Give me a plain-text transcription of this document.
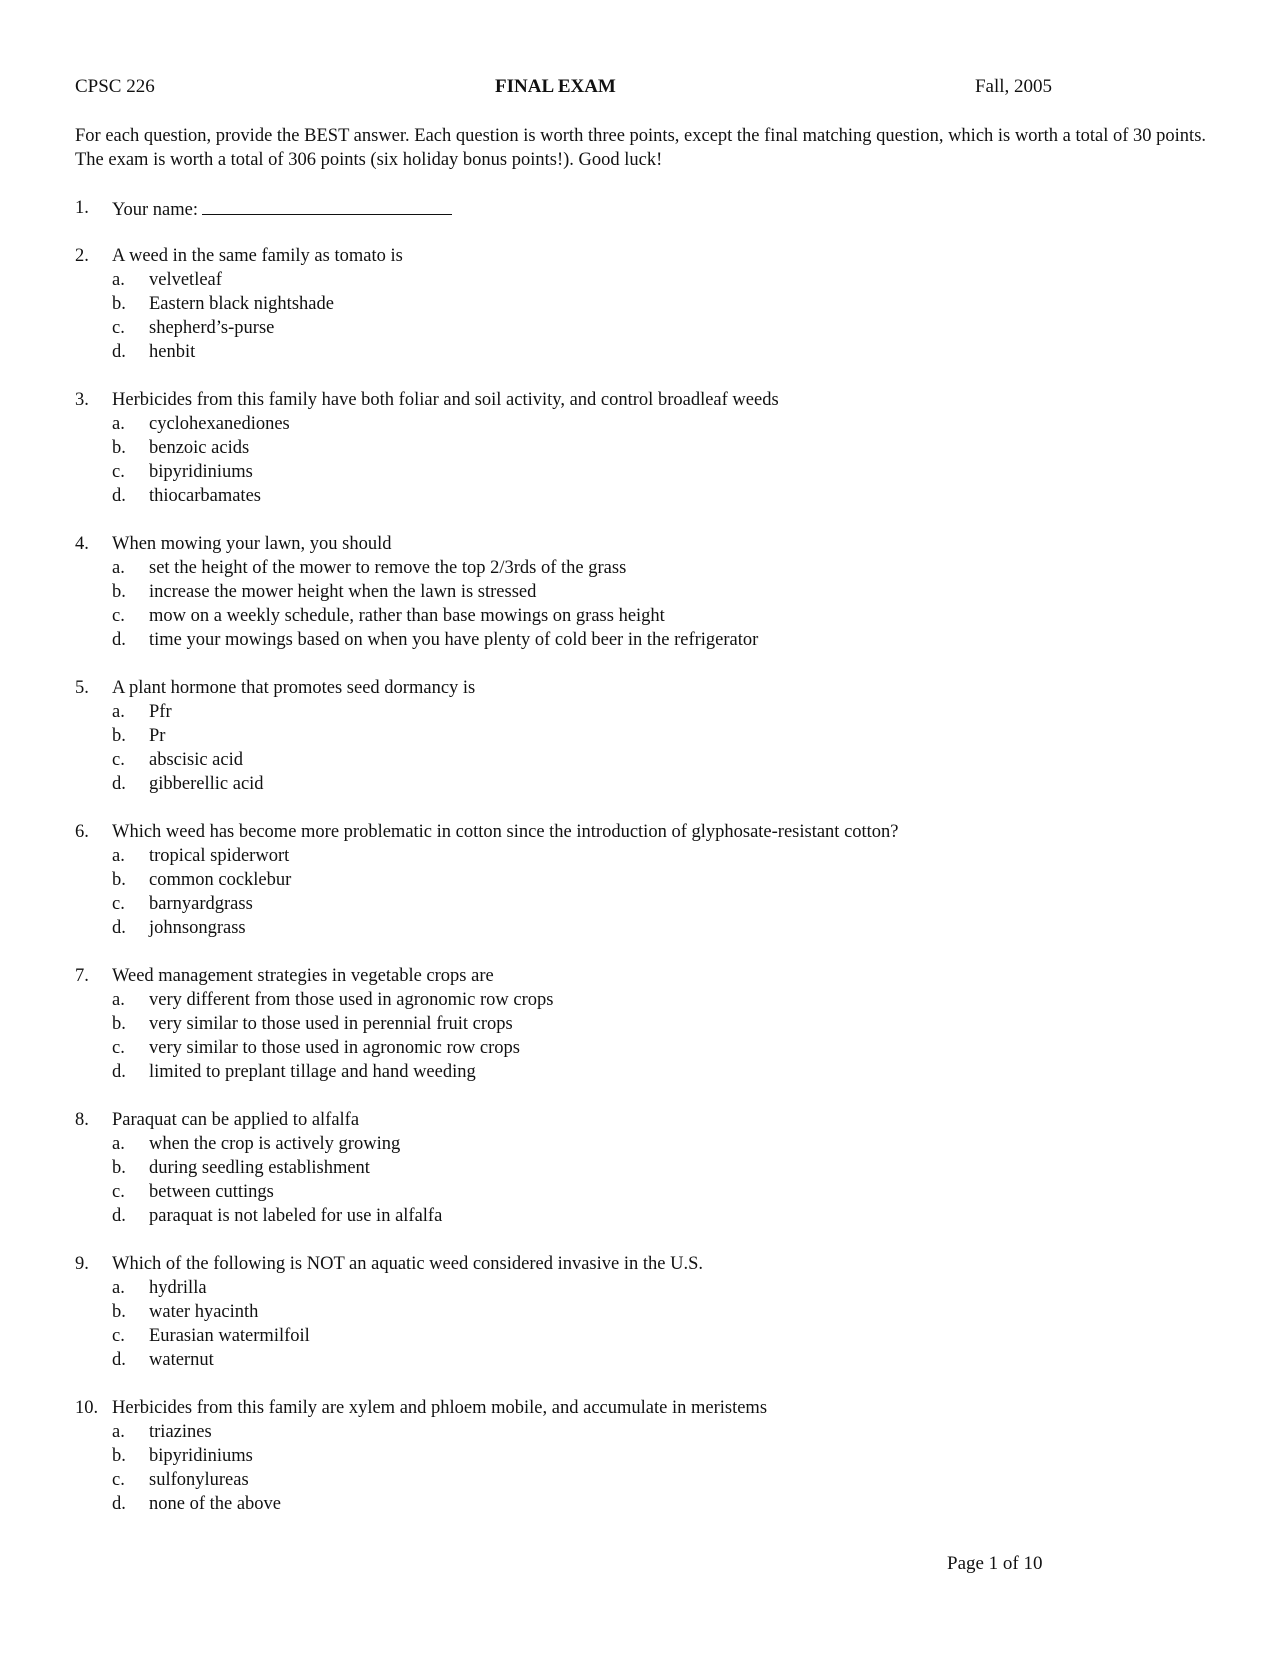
CPSC 226	FINAL EXAM	Fall, 2005
For each question, provide the BEST answer. Each question is worth three points, except the final matching question, which is worth a total of 30 points. The exam is worth a total of 306 points (six holiday bonus points!). Good luck!
1. Your name:
2. A weed in the same family as tomato is
a. velvetleaf
b. Eastern black nightshade
c. shepherd’s-purse
d. henbit
3. Herbicides from this family have both foliar and soil activity, and control broadleaf weeds
a. cyclohexanediones
b. benzoic acids
c. bipyridiniums
d. thiocarbamates
4. When mowing your lawn, you should
a. set the height of the mower to remove the top 2/3rds of the grass
b. increase the mower height when the lawn is stressed
c. mow on a weekly schedule, rather than base mowings on grass height
d. time your mowings based on when you have plenty of cold beer in the refrigerator
5. A plant hormone that promotes seed dormancy is
a. Pfr
b. Pr
c. abscisic acid
d. gibberellic acid
6. Which weed has become more problematic in cotton since the introduction of glyphosate-resistant cotton?
a. tropical spiderwort
b. common cocklebur
c. barnyardgrass
d. johnsongrass
7. Weed management strategies in vegetable crops are
a. very different from those used in agronomic row crops
b. very similar to those used in perennial fruit crops
c. very similar to those used in agronomic row crops
d. limited to preplant tillage and hand weeding
8. Paraquat can be applied to alfalfa
a. when the crop is actively growing
b. during seedling establishment
c. between cuttings
d. paraquat is not labeled for use in alfalfa
9. Which of the following is NOT an aquatic weed considered invasive in the U.S.
a. hydrilla
b. water hyacinth
c. Eurasian watermilfoil
d. waternut
10. Herbicides from this family are xylem and phloem mobile, and accumulate in meristems
a. triazines
b. bipyridiniums
c. sulfonylureas
d. none of the above
Page 1 of 10
